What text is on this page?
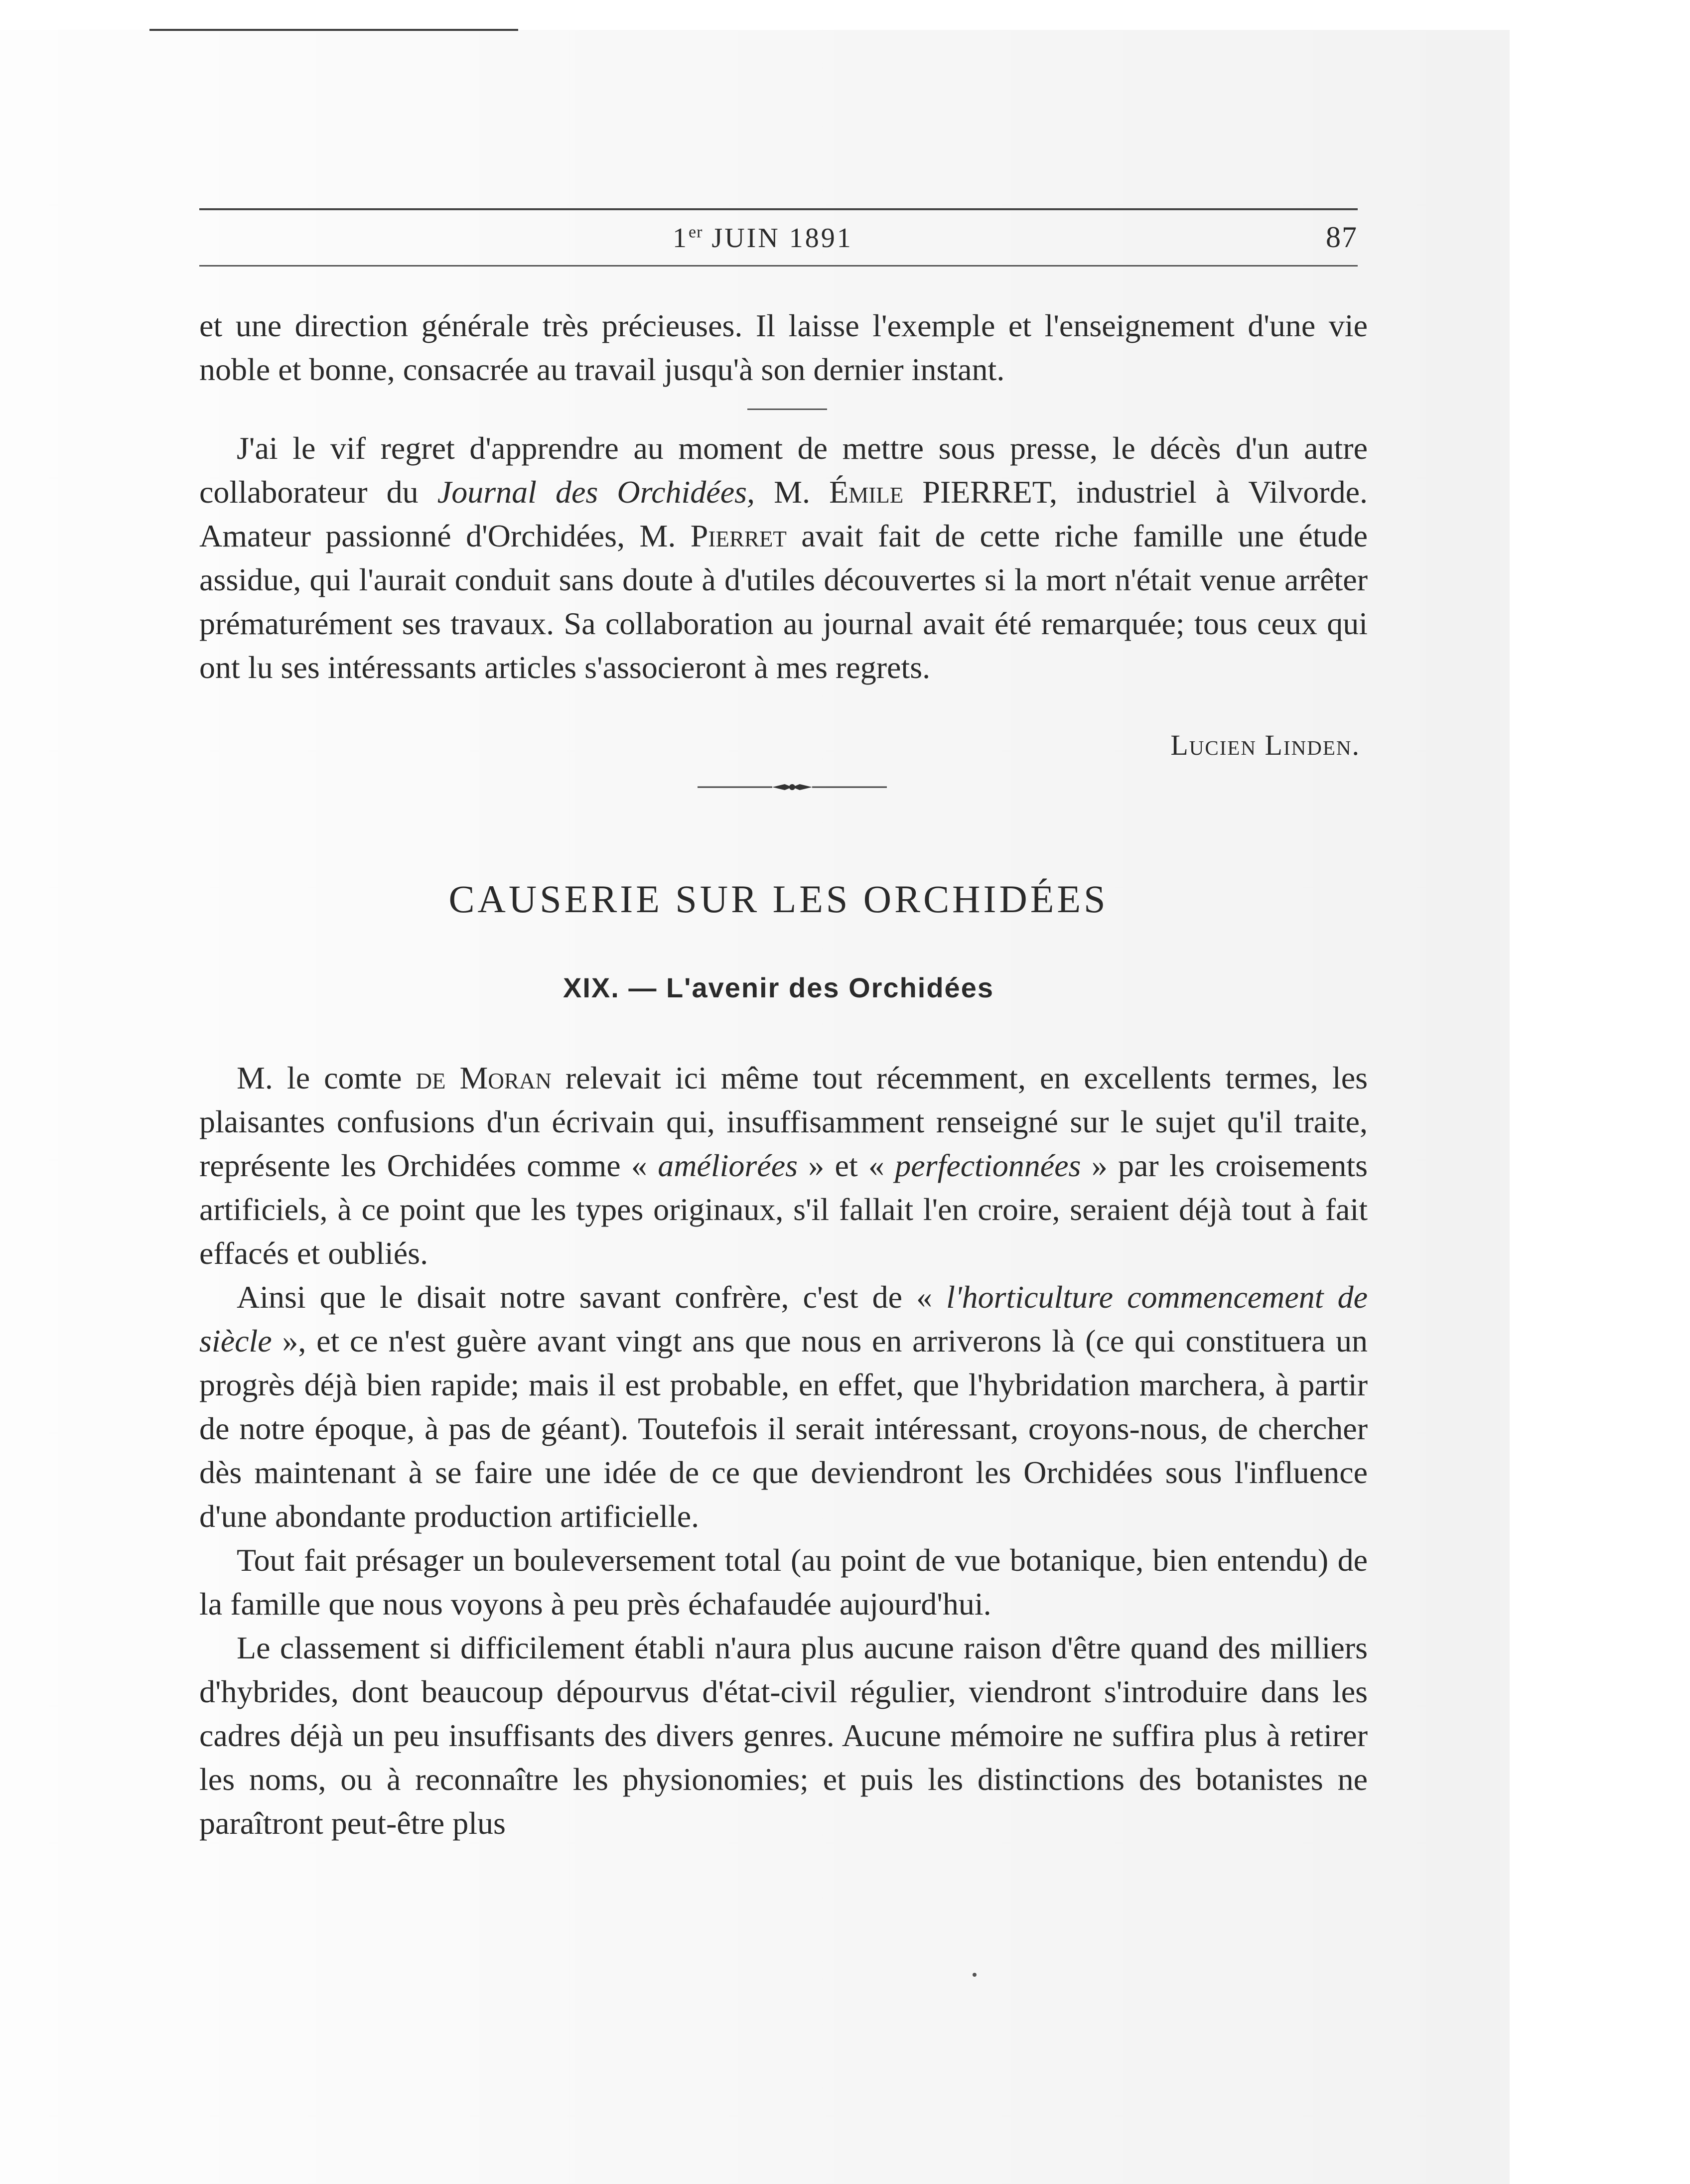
1er JUIN 1891	87

et une direction générale très précieuses. Il laisse l'exemple et l'enseignement d'une vie noble et bonne, consacrée au travail jusqu'à son dernier instant.

J'ai le vif regret d'apprendre au moment de mettre sous presse, le décès d'un autre collaborateur du Journal des Orchidées, M. Émile PIERRET, industriel à Vilvorde. Amateur passionné d'Orchidées, M. Pierret avait fait de cette riche famille une étude assidue, qui l'aurait conduit sans doute à d'utiles découvertes si la mort n'était venue arrêter prématurément ses travaux. Sa collaboration au journal avait été remarquée; tous ceux qui ont lu ses intéressants articles s'associeront à mes regrets.

Lucien Linden.
CAUSERIE SUR LES ORCHIDÉES
XIX. — L'avenir des Orchidées

M. le comte de Moran relevait ici même tout récemment, en excellents termes, les plaisantes confusions d'un écrivain qui, insuffisamment renseigné sur le sujet qu'il traite, représente les Orchidées comme « améliorées » et « perfectionnées » par les croisements artificiels, à ce point que les types originaux, s'il fallait l'en croire, seraient déjà tout à fait effacés et oubliés.

Ainsi que le disait notre savant confrère, c'est de « l'horticulture commencement de siècle », et ce n'est guère avant vingt ans que nous en arriverons là (ce qui constituera un progrès déjà bien rapide; mais il est probable, en effet, que l'hybridation marchera, à partir de notre époque, à pas de géant). Toutefois il serait intéressant, croyons-nous, de chercher dès maintenant à se faire une idée de ce que deviendront les Orchidées sous l'influence d'une abondante production artificielle.

Tout fait présager un bouleversement total (au point de vue botanique, bien entendu) de la famille que nous voyons à peu près échafaudée aujourd'hui.

Le classement si difficilement établi n'aura plus aucune raison d'être quand des milliers d'hybrides, dont beaucoup dépourvus d'état-civil régulier, viendront s'introduire dans les cadres déjà un peu insuffisants des divers genres. Aucune mémoire ne suffira plus à retirer les noms, ou à reconnaître les physionomies; et puis les distinctions des botanistes ne paraîtront peut-être plus
